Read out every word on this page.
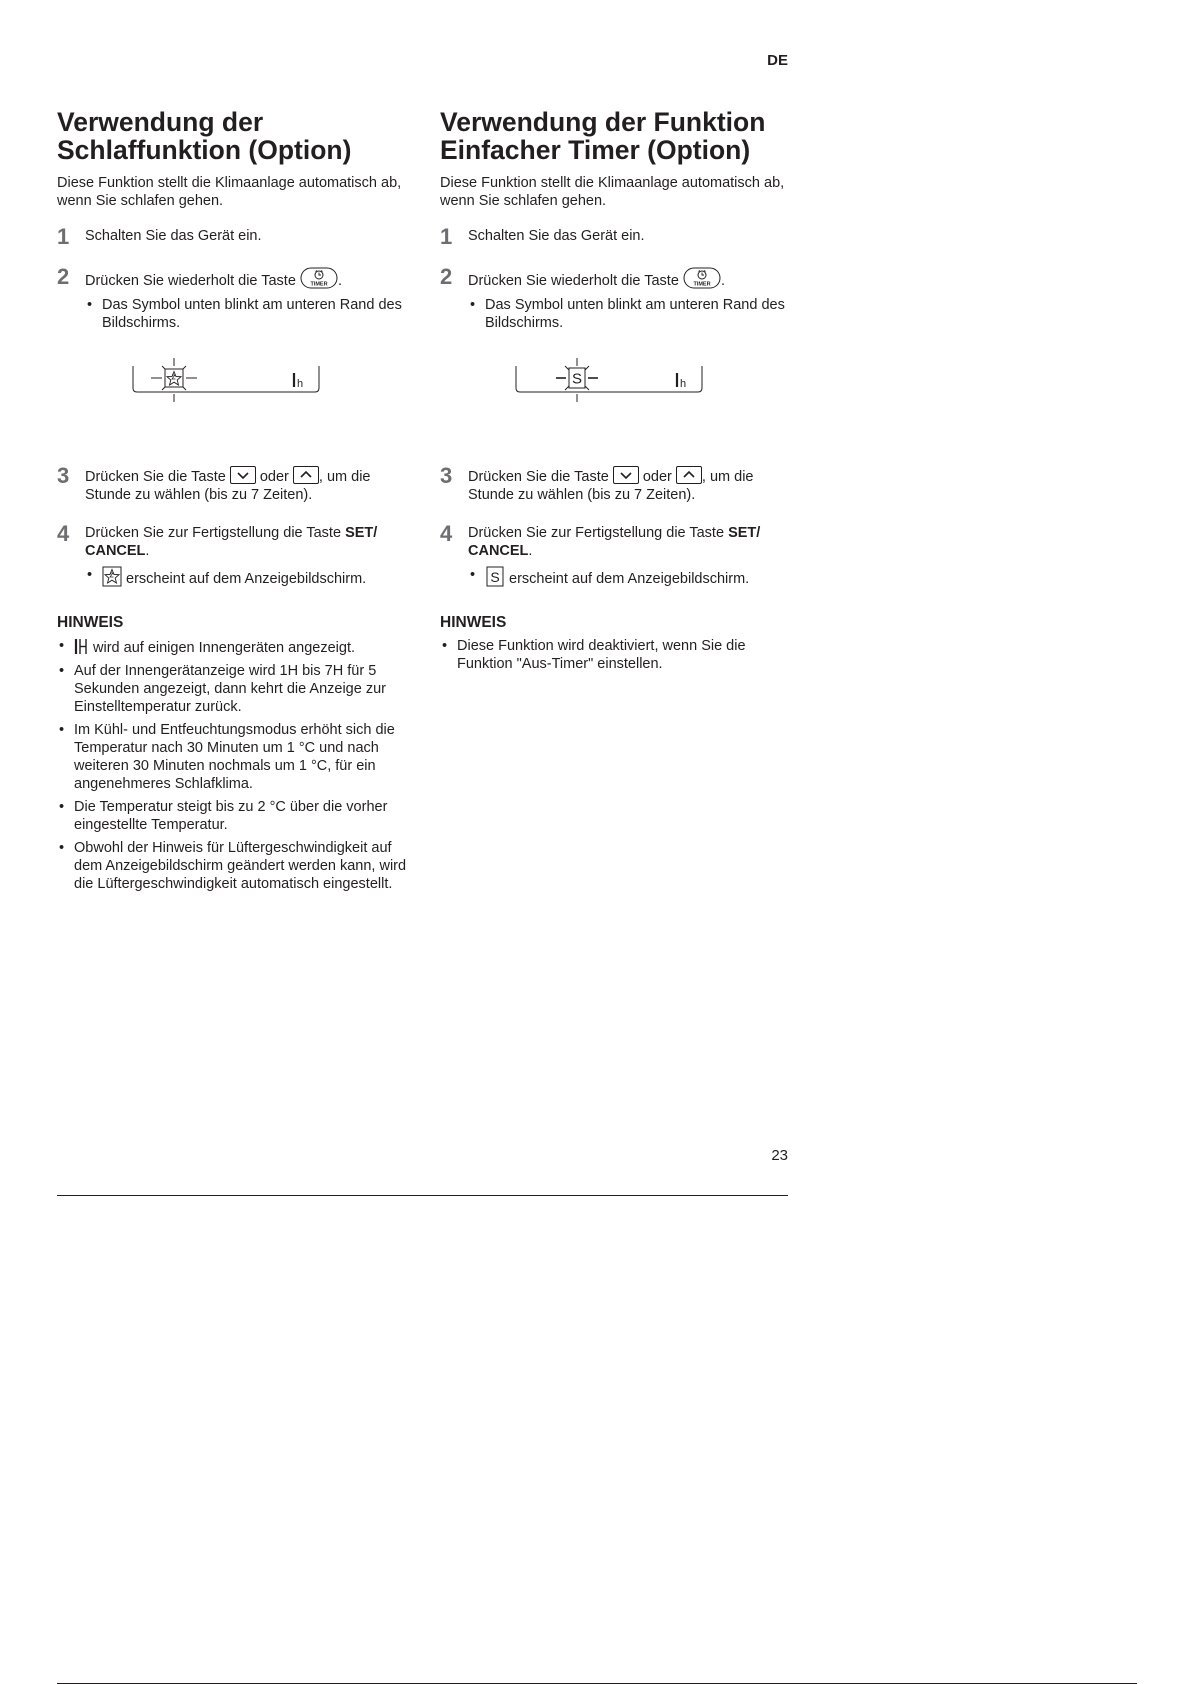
DE
Verwendung der Schlaffunktion (Option)

Diese Funktion stellt die Klimaanlage automatisch ab, wenn Sie schlafen gehen.

1 Schalten Sie das Gerät ein.
2 Drücken Sie wiederholt die Taste	TIMER .
• Das Symbol unten blinkt am unteren Rand des Bildschirms.
h
3 Drücken Sie die Taste oder , um die Stunde zu wählen (bis zu 7 Zeiten).
4 Drücken Sie zur Fertigstellung die Taste SET/ CANCEL.
• erscheint auf dem Anzeigebildschirm.
HINWEIS
• wird auf einigen Innengeräten angezeigt.
• Auf der Innengerätanzeige wird 1H bis 7H für 5 Sekunden angezeigt, dann kehrt die Anzeige zur Einstelltemperatur zurück.
• Im Kühl- und Entfeuchtungsmodus erhöht sich die Temperatur nach 30 Minuten um 1 °C und nach weiteren 30 Minuten nochmals um 1 °C, für ein angenehmeres Schlafklima.
• Die Temperatur steigt bis zu 2 °C über die vorher eingestellte Temperatur.
• Obwohl der Hinweis für Lüftergeschwindigkeit auf dem Anzeigebildschirm geändert werden kann, wird die Lüftergeschwindigkeit automatisch eingestellt.
Verwendung der Funktion Einfacher Timer (Option)

Diese Funktion stellt die Klimaanlage automatisch ab, wenn Sie schlafen gehen.

1 Schalten Sie das Gerät ein.
2 Drücken Sie wiederholt die Taste	TIMER .
• Das Symbol unten blinkt am unteren Rand des Bildschirms.
S	h
3 Drücken Sie die Taste oder , um die Stunde zu wählen (bis zu 7 Zeiten).
4 Drücken Sie zur Fertigstellung die Taste SET/ CANCEL.
• S erscheint auf dem Anzeigebildschirm.
HINWEIS
• Diese Funktion wird deaktiviert, wenn Sie die Funktion "Aus-Timer" einstellen.
23
